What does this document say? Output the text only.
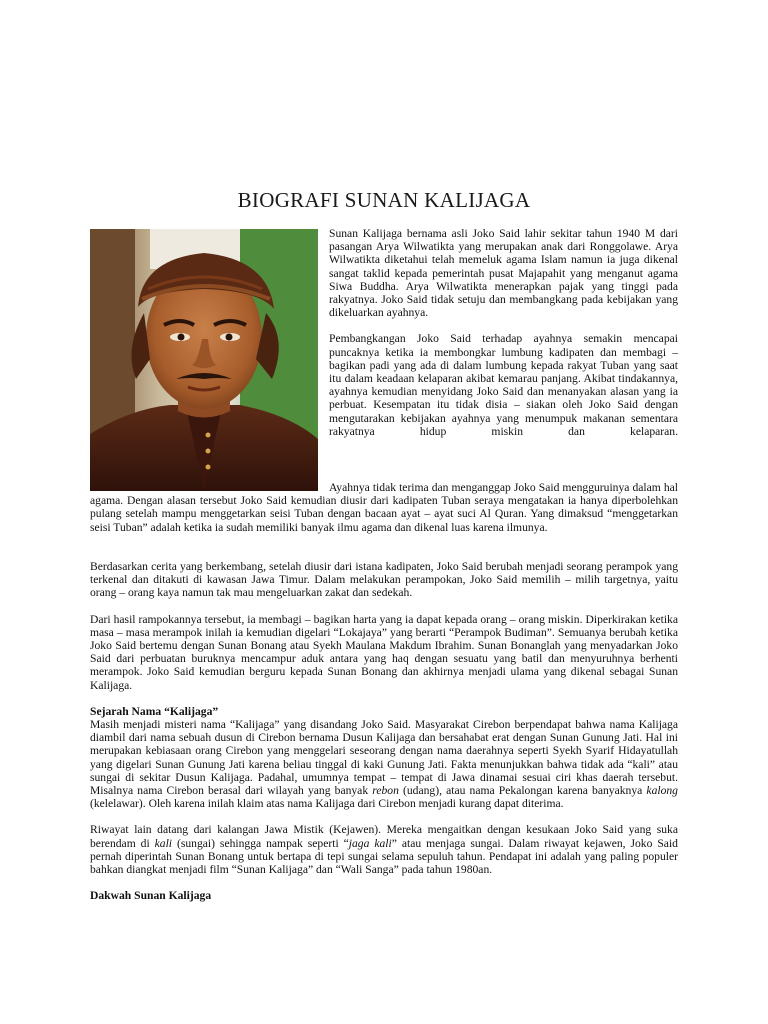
BIOGRAFI SUNAN KALIJAGA

Sunan Kalijaga bernama asli Joko Said lahir sekitar tahun 1940 M dari pasangan Arya Wilwatikta yang merupakan anak dari Ronggolawe. Arya Wilwatikta diketahui telah memeluk agama Islam namun ia juga dikenal sangat taklid kepada pemerintah pusat Majapahit yang menganut agama Siwa Buddha. Arya Wilwatikta menerapkan pajak yang tinggi pada rakyatnya. Joko Said tidak setuju dan membangkang pada kebijakan yang dikeluarkan ayahnya.

Pembangkangan Joko Said terhadap ayahnya semakin mencapai puncaknya ketika ia membongkar lumbung kadipaten dan membagi – bagikan padi yang ada di dalam lumbung kepada rakyat Tuban yang saat itu dalam keadaan kelaparan akibat kemarau panjang. Akibat tindakannya, ayahnya kemudian menyidang Joko Said dan menanyakan alasan yang ia perbuat. Kesempatan itu tidak disia – siakan oleh Joko Said dengan mengutarakan kebijakan ayahnya yang menumpuk makanan sementara rakyatnya hidup miskin dan kelaparan.

Ayahnya tidak terima dan menganggap Joko Said mengguruinya dalam hal agama. Dengan alasan tersebut Joko Said kemudian diusir dari kadipaten Tuban seraya mengatakan ia hanya diperbolehkan pulang setelah mampu menggetarkan seisi Tuban dengan bacaan ayat – ayat suci Al Quran. Yang dimaksud “menggetarkan seisi Tuban” adalah ketika ia sudah memiliki banyak ilmu agama dan dikenal luas karena ilmunya.

Berdasarkan cerita yang berkembang, setelah diusir dari istana kadipaten, Joko Said berubah menjadi seorang perampok yang terkenal dan ditakuti di kawasan Jawa Timur. Dalam melakukan perampokan, Joko Said memilih – milih targetnya, yaitu orang – orang kaya namun tak mau mengeluarkan zakat dan sedekah.

Dari hasil rampokannya tersebut, ia membagi – bagikan harta yang ia dapat kepada orang – orang miskin. Diperkirakan ketika masa – masa merampok inilah ia kemudian digelari “Lokajaya” yang berarti “Perampok Budiman”. Semuanya berubah ketika Joko Said bertemu dengan Sunan Bonang atau Syekh Maulana Makdum Ibrahim. Sunan Bonanglah yang menyadarkan Joko Said dari perbuatan buruknya mencampur aduk antara yang haq dengan sesuatu yang batil dan menyuruhnya berhenti merampok. Joko Said kemudian berguru kepada Sunan Bonang dan akhirnya menjadi ulama yang dikenal sebagai Sunan Kalijaga.

Sejarah Nama “Kalijaga”

Masih menjadi misteri nama “Kalijaga” yang disandang Joko Said. Masyarakat Cirebon berpendapat bahwa nama Kalijaga diambil dari nama sebuah dusun di Cirebon bernama Dusun Kalijaga dan bersahabat erat dengan Sunan Gunung Jati. Hal ini merupakan kebiasaan orang Cirebon yang menggelari seseorang dengan nama daerahnya seperti Syekh Syarif Hidayatullah yang digelari Sunan Gunung Jati karena beliau tinggal di kaki Gunung Jati. Fakta menunjukkan bahwa tidak ada “kali” atau sungai di sekitar Dusun Kalijaga. Padahal, umumnya tempat – tempat di Jawa dinamai sesuai ciri khas daerah tersebut. Misalnya nama Cirebon berasal dari wilayah yang banyak rebon (udang), atau nama Pekalongan karena banyaknya kalong (kelelawar). Oleh karena inilah klaim atas nama Kalijaga dari Cirebon menjadi kurang dapat diterima.

Riwayat lain datang dari kalangan Jawa Mistik (Kejawen). Mereka mengaitkan dengan kesukaan Joko Said yang suka berendam di kali (sungai) sehingga nampak seperti “jaga kali” atau menjaga sungai. Dalam riwayat kejawen, Joko Said pernah diperintah Sunan Bonang untuk bertapa di tepi sungai selama sepuluh tahun. Pendapat ini adalah yang paling populer bahkan diangkat menjadi film “Sunan Kalijaga” dan “Wali Sanga” pada tahun 1980an.

Dakwah Sunan Kalijaga
